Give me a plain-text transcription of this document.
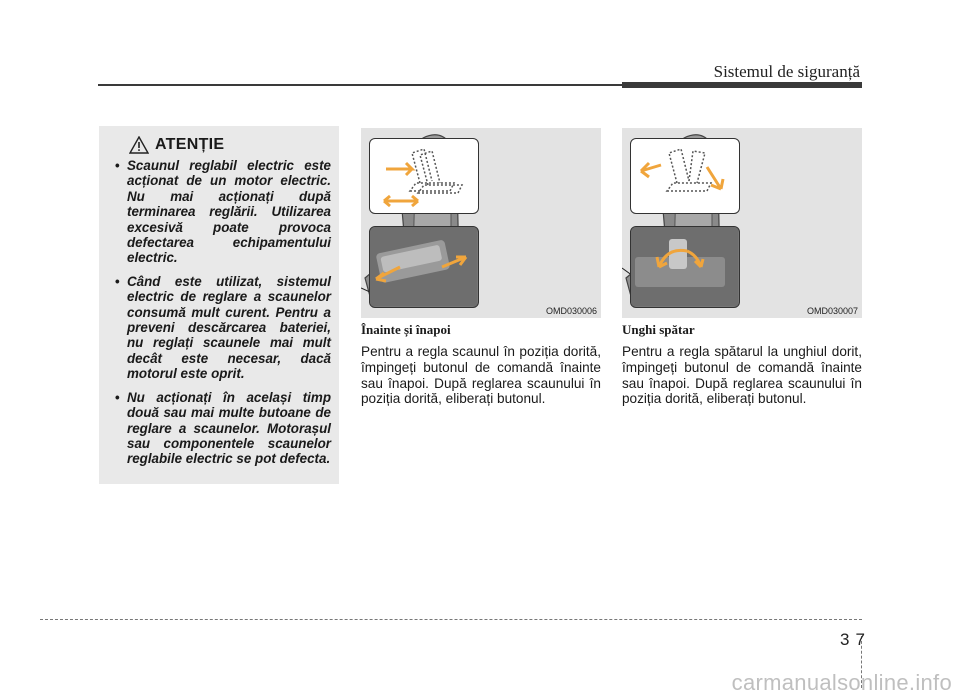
Sistemul de siguranță
ATENȚIE
• Scaunul reglabil electric este acționat de un motor electric. Nu mai acționați după terminarea reglării. Utilizarea excesivă poate provoca defectarea echipamentului electric.
• Când este utilizat, sistemul electric de reglare a scaunelor consumă mult curent. Pentru a preveni descărcarea bateriei, nu reglați scaunele mai mult decât este necesar, dacă motorul este oprit.
• Nu acționați în același timp două sau mai multe butoane de reglare a scaunelor. Motorașul sau componentele scaunelor reglabile electric se pot defecta.
OMD030006	OMD030007

Înainte și înapoi

Pentru a regla scaunul în poziția dorită, împingeți butonul de comandă înainte sau înapoi. După reglarea scaunului în poziția dorită, eliberați butonul.

Unghi spătar

Pentru a regla spătarul la unghiul dorit, împingeți butonul de comandă înainte sau înapoi. După reglarea scaunului în poziția dorită, eliberați butonul.

37
carmanualsonline.info
